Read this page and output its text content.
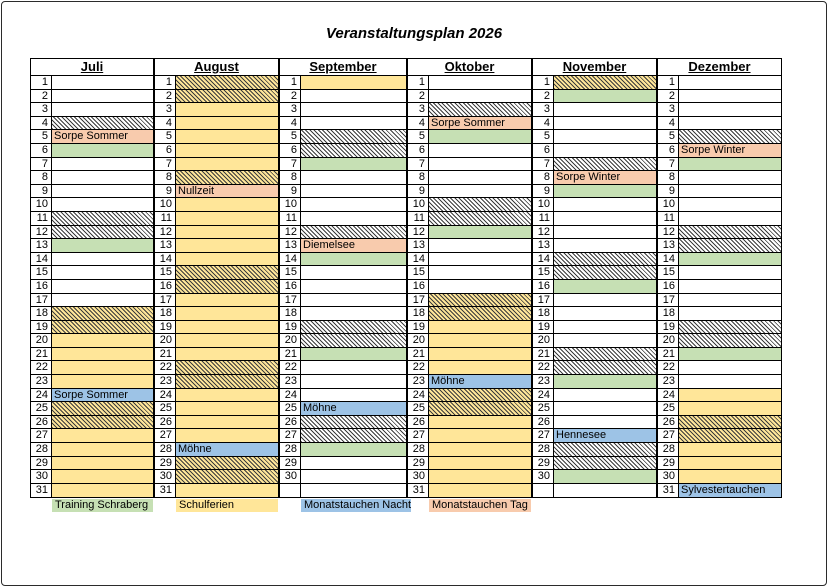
Veranstaltungsplan 2026
Juli
1
2
3
4
5 Sorpe Sommer
6
7
8
9
10
11
12
13
14
15
16
17
18
19
20
21
22
23
24 Sorpe Sommer
25
26
27
28
29
30
31
August
1
2
3
4
5
6
7
8
9 Nullzeit
10
11
12
13
14
15
16
17
18
19
20
21
22
23
24
25
26
27
28 Möhne
29
30
31
September
1
2
3
4
5
6
7
8
9
10
11
12
13 Diemelsee
14
15
16
17
18
19
20
21
22
23
24
25 Möhne
26
27
28
29
30
Oktober
1
2
3
4 Sorpe Sommer
5
6
7
8
9
10
11
12
13
14
15
16
17
18
19
20
21
22
23 Möhne
24
25
26
27
28
29
30
31
November
1
2
3
4
5
6
7
8 Sorpe Winter
9
10
11
12
13
14
15
16
17
18
19
20
21
22
23
24
25
26
27 Hennesee
28
29
30
Dezember
1
2
3
4
5
6 Sorpe Winter
7
8
9
10
11
12
13
14
15
16
17
18
19
20
21
22
23
24
25
26
27
28
29
30
31 Sylvestertauchen
Training Schraberg	Schulferien	Monatstauchen Nacht Monatstauchen Tag
